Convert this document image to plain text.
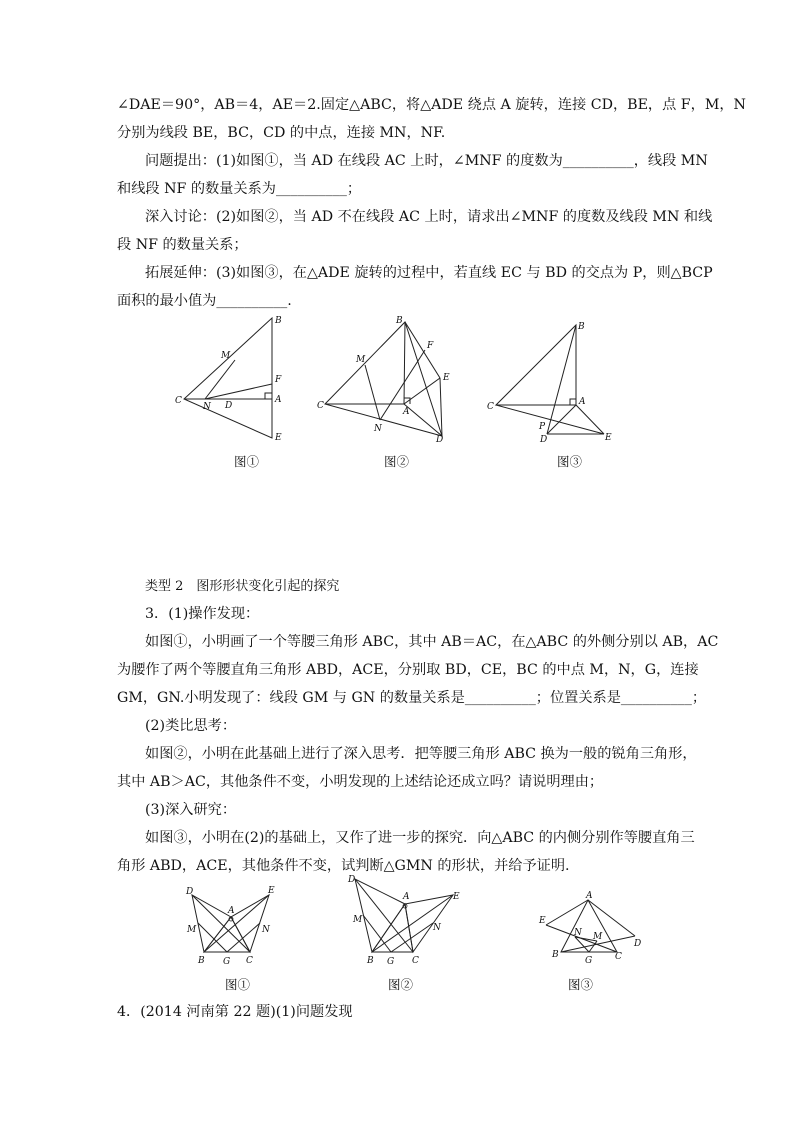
∠DAE＝90°，AB＝4，AE＝2.固定△ABC，将△ADE 绕点 A 旋转，连接 CD，BE，点 F，M，N
分别为线段 BE，BC，CD 的中点，连接 MN，NF.
问题提出：(1)如图①，当 AD 在线段 AC 上时，∠MNF 的度数为__________，线段 MN
和线段 NF 的数量关系为__________；
深入讨论：(2)如图②，当 AD 不在线段 AC 上时，请求出∠MNF 的度数及线段 MN 和线
段 NF 的数量关系；
拓展延伸：(3)如图③，在△ADE 旋转的过程中，若直线 EC 与 BD 的交点为 P，则△BCP
面积的最小值为__________.
B
M
F
C
N D
A
E
图①
B
F
M
E
C
A
N
D
图②
B
C	A
P
D	E
图③
类型 2　图形形状变化引起的探究
3．(1)操作发现：
如图①，小明画了一个等腰三角形 ABC，其中 AB＝AC，在△ABC 的外侧分别以 AB，AC
为腰作了两个等腰直角三角形 ABD，ACE，分别取 BD，CE，BC 的中点 M，N，G，连接
GM，GN.小明发现了：线段 GM 与 GN 的数量关系是__________；位置关系是__________；
(2)类比思考：
如图②，小明在此基础上进行了深入思考．把等腰三角形 ABC 换为一般的锐角三角形，
其中 AB＞AC，其他条件不变，小明发现的上述结论还成立吗？请说明理由；
(3)深入研究：
如图③，小明在(2)的基础上，又作了进一步的探究．向△ABC 的内侧分别作等腰直角三
角形 ABD，ACE，其他条件不变，试判断△GMN 的形状，并给予证明.
D	E
A
M	N
B G C
图①
D
E
A
M
N
B G C
图②
A
E
N M
D
B
G	C
图③
4．(2014 河南第 22 题)(1)问题发现
